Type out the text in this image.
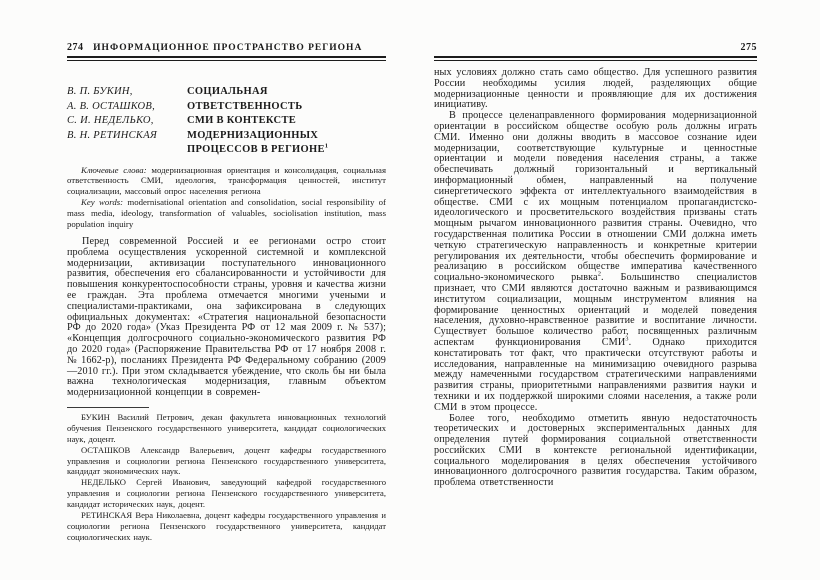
274	ИНФОРМАЦИОННОЕ ПРОСТРАНСТВО РЕГИОНА
В. П. БУКИН,
А. В. ОСТАШКОВ,
С. И. НЕДЕЛЬКО,
В. Н. РЕТИНСКАЯ
СОЦИАЛЬНАЯ ОТВЕТСТВЕННОСТЬ
СМИ В КОНТЕКСТЕ
МОДЕРНИЗАЦИОННЫХ
ПРОЦЕССОВ В РЕГИОНЕ$^1$

Ключевые слова: модернизационная ориентация и консолидация, социальная ответственность СМИ, идеология, трансформация ценностей, институт социализации, массовый опрос населения региона

Key words: modernisational orientation and consolidation, social responsibility of mass media, ideology, transformation of valuables, sociolisation institution, mass population inquiry

Перед современной Россией и ее регионами остро стоит проблема осуществления ускоренной системной и комплексной модернизации, активизации поступательного инновационного развития, обеспечения его сбалансированности и устойчивости для повышения конкурентоспособности страны, уровня и качества жизни ее граждан. Эта проблема отмечается многими учеными и специалистами-практиками, она зафиксирована в следующих официальных документах: «Стратегия национальной безопасности РФ до 2020 года» (Указ Президента РФ от 12 мая 2009 г. № 537); «Концепция долгосрочного социально-экономического развития РФ до 2020 года» (Распоряжение Правительства РФ от 17 ноября 2008 г. № 1662-р), посланиях Президента РФ Федеральному собранию (2009—2010 гг.). При этом складывается убеждение, что сколь бы ни была важна технологическая модернизация, главным объектом модернизационной концепции в современ-

БУКИН Василий Петрович, декан факультета инновационных технологий обучения Пензенского государственного университета, кандидат социологических наук, доцент.

ОСТАШКОВ Александр Валерьевич, доцент кафедры государственного управления и социологии региона Пензенского государственного университета, кандидат экономических наук.

НЕДЕЛЬКО Сергей Иванович, заведующий кафедрой государственного управления и социологии региона Пензенского государственного университета, кандидат исторических наук, доцент.

РЕТИНСКАЯ Вера Николаевна, доцент кафедры государственного управления и социологии региона Пензенского государственного университета, кандидат социологических наук.

275

ных условиях должно стать само общество. Для успешного развития России необходимы усилия людей, разделяющих общие модернизационные ценности и проявляющие для их достижения инициативу.

В процессе целенаправленного формирования модернизационной ориентации в российском обществе особую роль должны играть СМИ. Именно они должны вводить в массовое сознание идеи модернизации, соответствующие культурные и ценностные ориентации и модели поведения населения страны, а также обеспечивать должный горизонтальный и вертикальный информационный обмен, направленный на получение синергетического эффекта от интеллектуального взаимодействия в обществе. СМИ с их мощным потенциалом пропагандистско-идеологического и просветительского воздействия призваны стать мощным рычагом инновационного развития страны. Очевидно, что государственная политика России в отношении СМИ должна иметь четкую стратегическую направленность и конкретные критерии регулирования их деятельности, чтобы обеспечить формирование и реализацию в российском обществе императива качественного социально-экономического рывка$^2$. Большинство специалистов признает, что СМИ являются достаточно важным и развивающимся институтом социализации, мощным инструментом влияния на формирование ценностных ориентаций и моделей поведения населения, духовно-нравственное развитие и воспитание личности. Существует большое количество работ, посвященных различным аспектам функционирования СМИ$^3$. Однако приходится констатировать тот факт, что практически отсутствуют работы и исследования, направленные на минимизацию очевидного разрыва между намеченными государством стратегическими направлениями развития страны, приоритетными направлениями развития науки и техники и их поддержкой широкими слоями населения, а также роли СМИ в этом процессе.

Более того, необходимо отметить явную недостаточность теоретических и достоверных экспериментальных данных для определения путей формирования социальной ответственности российских СМИ в контексте региональной идентификации, социального моделирования в целях обеспечения устойчивого инновационного долгосрочного развития государства. Таким образом, проблема ответственности
